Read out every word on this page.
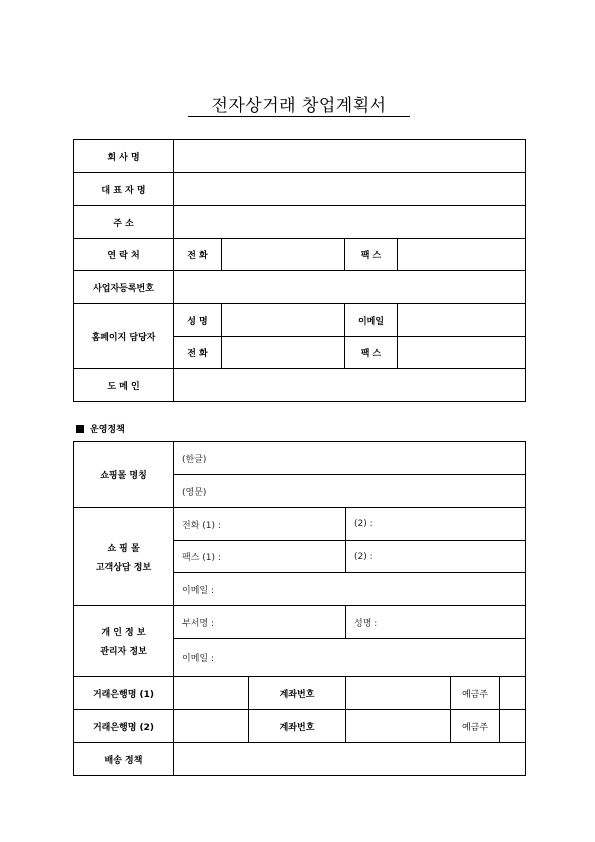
전자상거래 창업계획서
회 사 명				
대 표 자 명				
주 소				
연 락 처	전 화		팩 스	
사업자등록번호				
홈페이지 담당자	성 명		이메일	
	전 화		팩 스	
도 메 인				
운영정책
쇼핑몰 명칭	(한글)			
	(영문)			

쇼 핑 몰
고객상담 정보	전화 (1) :		(2) :	
	팩스 (1) :		(2) :	
	이메일 :			

개 인 정 보
관리자 정보	부서명 :		성명 :	
	이메일 :			
거래은행명 (1)		계좌번호		예금주

거래은행명 (2)		계좌번호		예금주

배송 정책				
